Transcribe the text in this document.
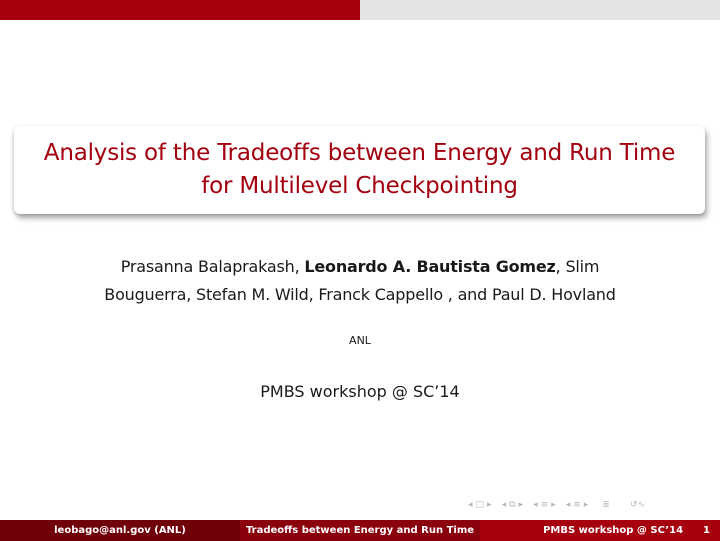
Analysis of the Tradeoffs between Energy and Run Time
for Multilevel Checkpointing
Prasanna Balaprakash, Leonardo A. Bautista Gomez, Slim
Bouguerra, Stefan M. Wild, Franck Cappello , and Paul D. Hovland
ANL
PMBS workshop @ SC’14
◂ □ ▸ ◂ ⧉ ▸ ◂ ≡ ▸ ◂ ≡ ▸ ≣ ↺∿
leobago@anl.gov (ANL)	Tradeoffs between Energy and Run Time	PMBS workshop @ SC’14 1
